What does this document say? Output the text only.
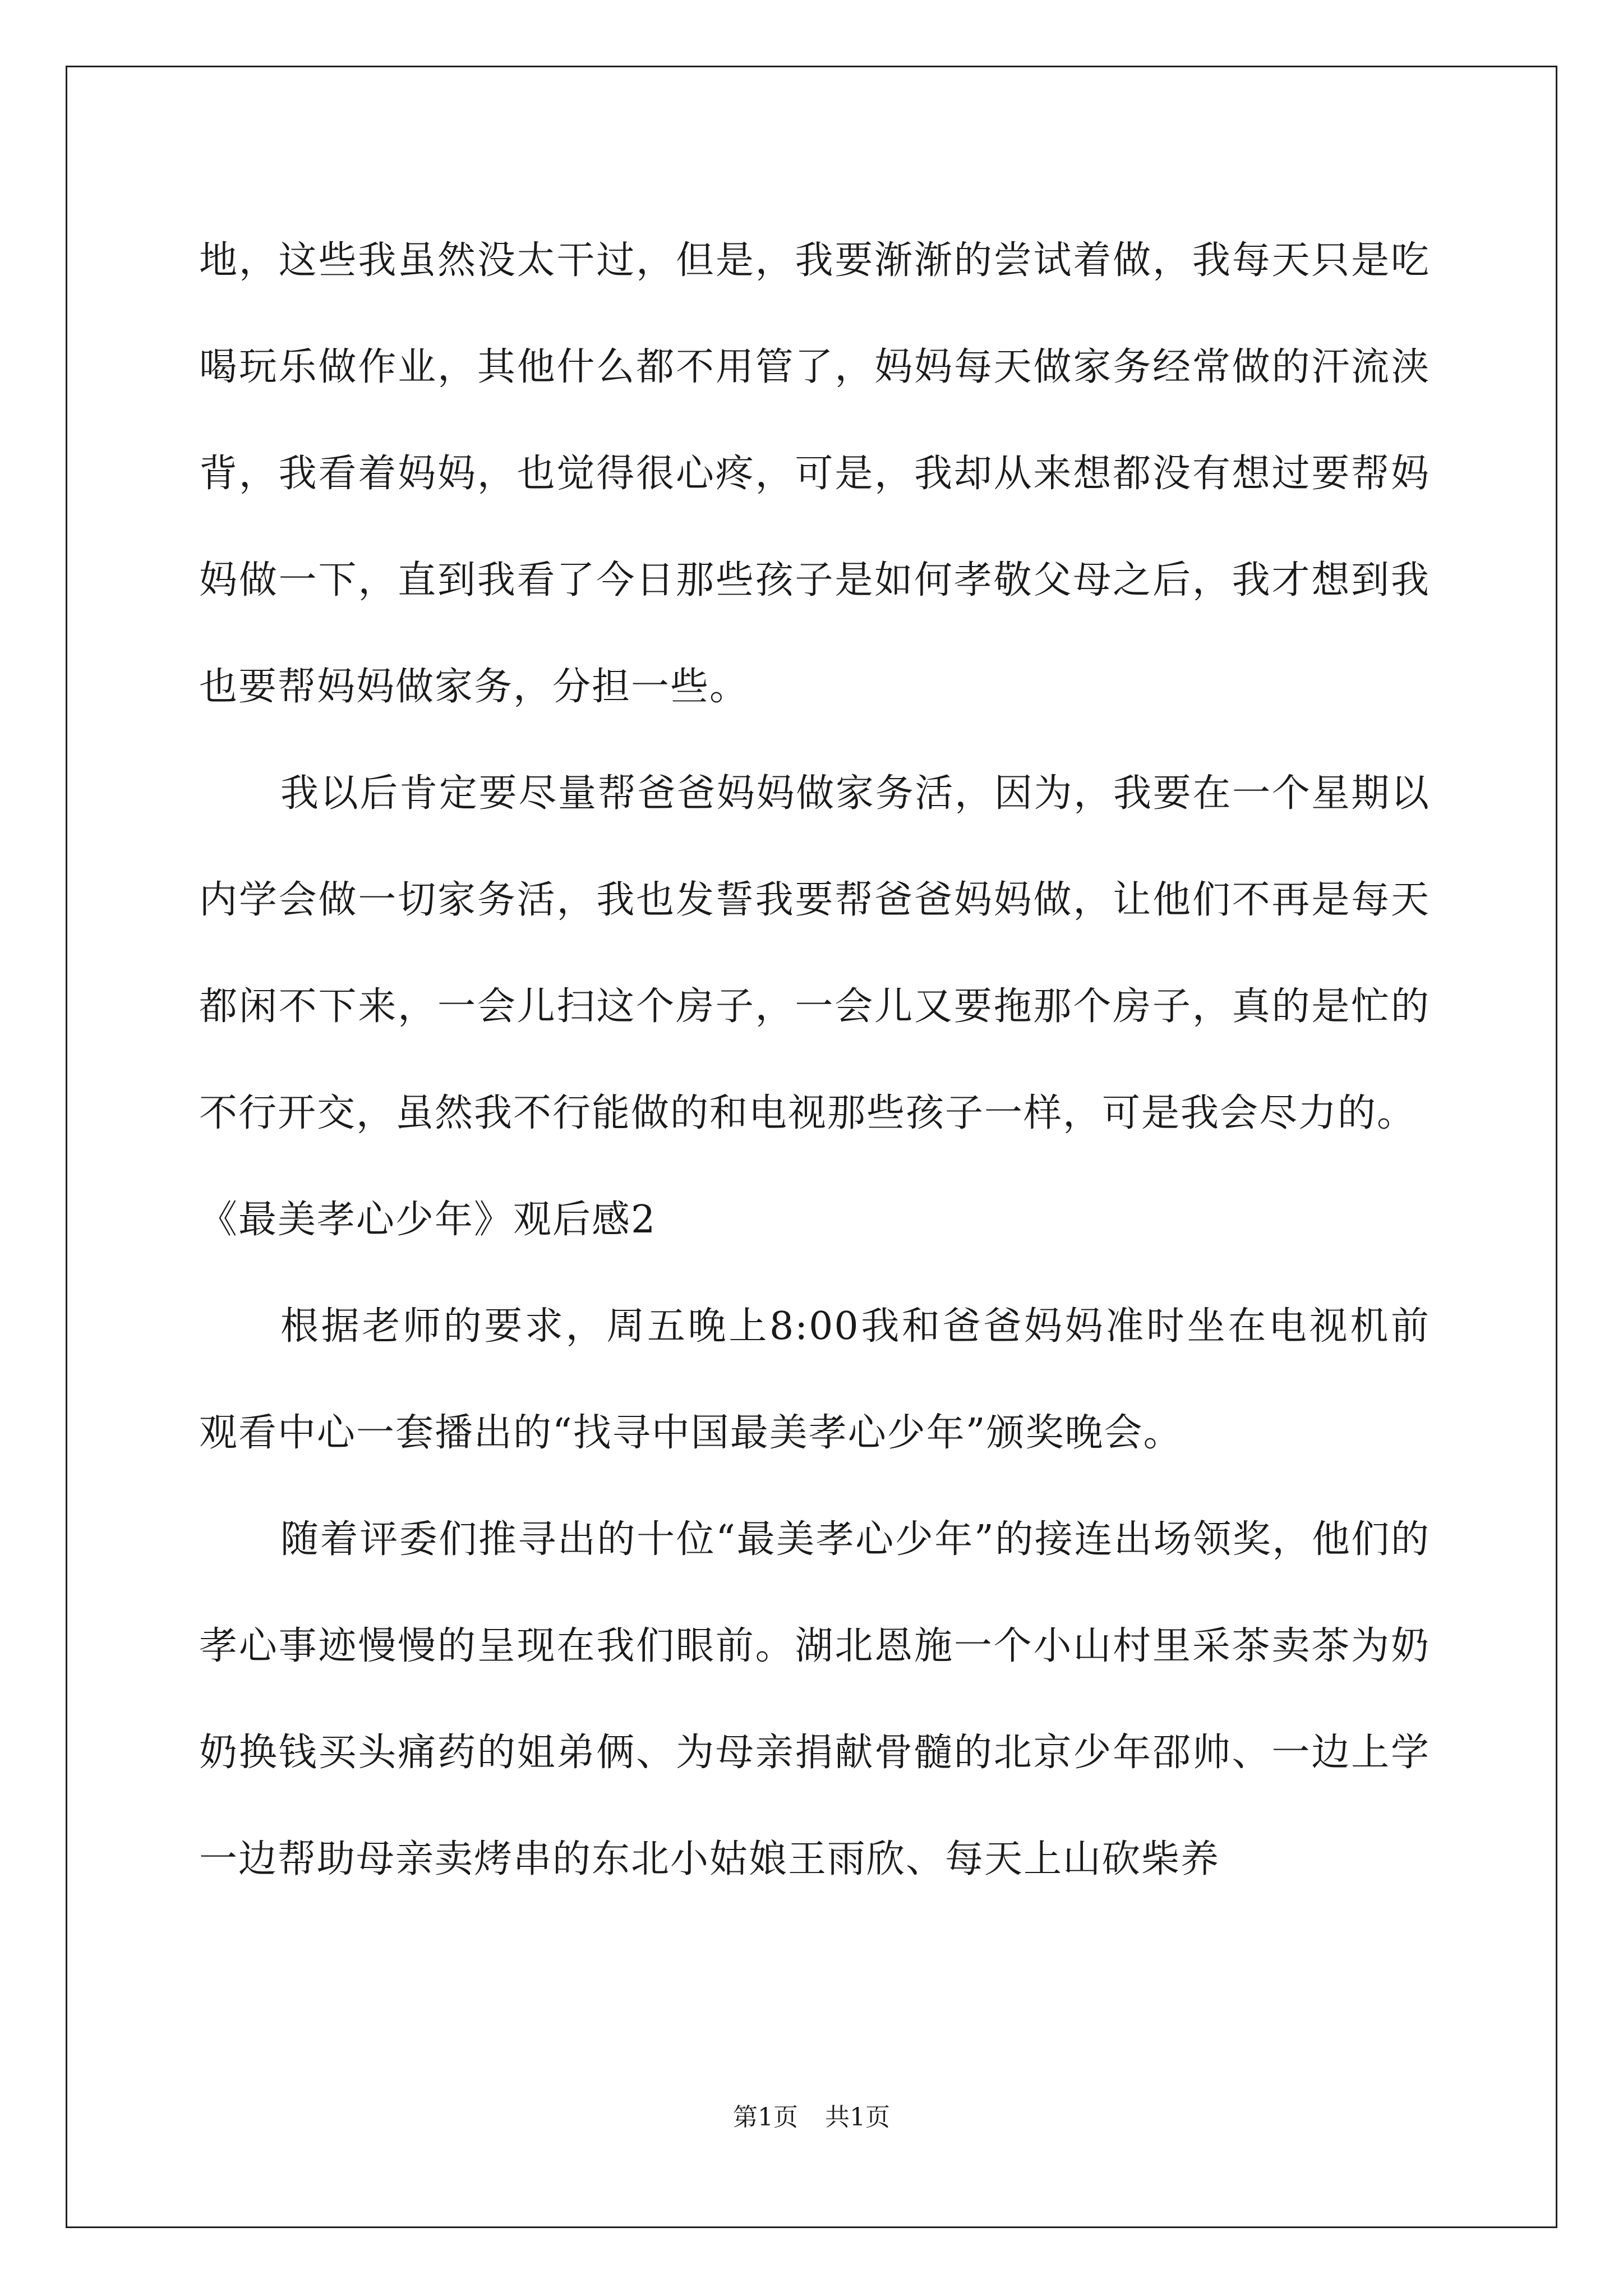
地，这些我虽然没太干过，但是，我要渐渐的尝试着做，我每天只是吃喝玩乐做作业，其他什么都不用管了，妈妈每天做家务经常做的汗流浃背，我看着妈妈，也觉得很心疼，可是，我却从来想都没有想过要帮妈妈做一下，直到我看了今日那些孩子是如何孝敬父母之后，我才想到我也要帮妈妈做家务，分担一些。

我以后肯定要尽量帮爸爸妈妈做家务活，因为，我要在一个星期以内学会做一切家务活，我也发誓我要帮爸爸妈妈做，让他们不再是每天都闲不下来，一会儿扫这个房子，一会儿又要拖那个房子，真的是忙的不行开交，虽然我不行能做的和电视那些孩子一样，可是我会尽力的。

《最美孝心少年》观后感2

根据老师的要求，周五晚上8:00我和爸爸妈妈准时坐在电视机前观看中心一套播出的“找寻中国最美孝心少年”颁奖晚会。

随着评委们推寻出的十位“最美孝心少年”的接连出场领奖，他们的孝心事迹慢慢的呈现在我们眼前。湖北恩施一个小山村里采茶卖茶为奶奶换钱买头痛药的姐弟俩、为母亲捐献骨髓的北京少年邵帅、一边上学一边帮助母亲卖烤串的东北小姑娘王雨欣、每天上山砍柴养

第1页 共1页
